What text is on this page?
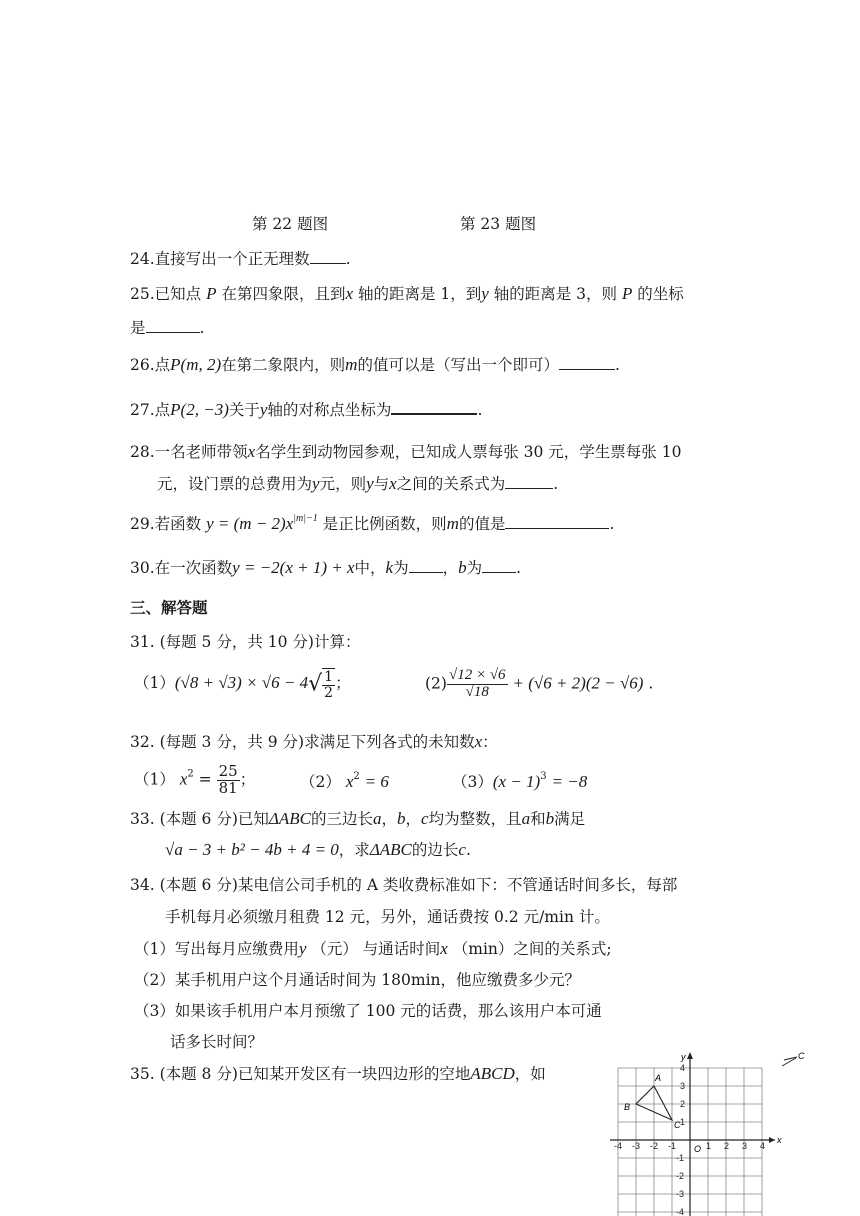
第 22 题图	第 23 题图
24.直接写出一个正无理数 .
25.已知点 P 在第四象限，且到x 轴的距离是 1，到y 轴的距离是 3，则 P 的坐标
是	.
26.点P(m, 2)在第二象限内，则m的值可以是（写出一个即可）	.
27.点P(2, −3)关于y轴的对称点坐标为	.
28.一名老师带领x名学生到动物园参观，已知成人票每张 30 元，学生票每张 10
元，设门票的总费用为y元，则y与x之间的关系式为	.
29.若函数 $y = (m - 2)x^{|m|-1}$ 是正比例函数，则m的值是	.
30.在一次函数y = −2(x + 1) + x中，k为 ，b为 .
三、解答题
31. (每题 5 分，共 10 分)计算：
$(1)(√8 + √3) \times √6 - 4√ \frac{1}{2}$ ；	$(2) \frac{√12 \times √6}{√18} + (√6 + 2)(2 - √6)$ .
32. (每题 3 分，共 9 分)求满足下列各式的未知数x：
（1） $x^2 = \frac{25}{81}$ ；	（2） $x^2 = 6$	$(3)(x - 1)^3 = -8$
33. (本题 6 分)已知ΔABC的三边长a，b，c均为整数，且a和b满足
√a − 3 + b² − 4b + 4 = 0，求ΔABC的边长c.
34. (本题 6 分)某电信公司手机的 A 类收费标准如下：不管通话时间多长，每部
手机每月必须缴月租费 12 元，另外，通话费按 0.2 元/min 计。
（1）写出每月应缴费用y （元） 与通话时间x （min）之间的关系式;
（2）某手机用户这个月通话时间为 180min，他应缴费多少元？
（3）如果该手机用户本月预缴了 100 元的话费，那么该用户本可通
话多长时间？
35. (本题 8 分)已知某开发区有一块四边形的空地ABCD，如
x
y
O
-4 -3 -2 -1	1 2 3 4
4
3
2
1
-1
-2
-3
-4
A
B
C
C
